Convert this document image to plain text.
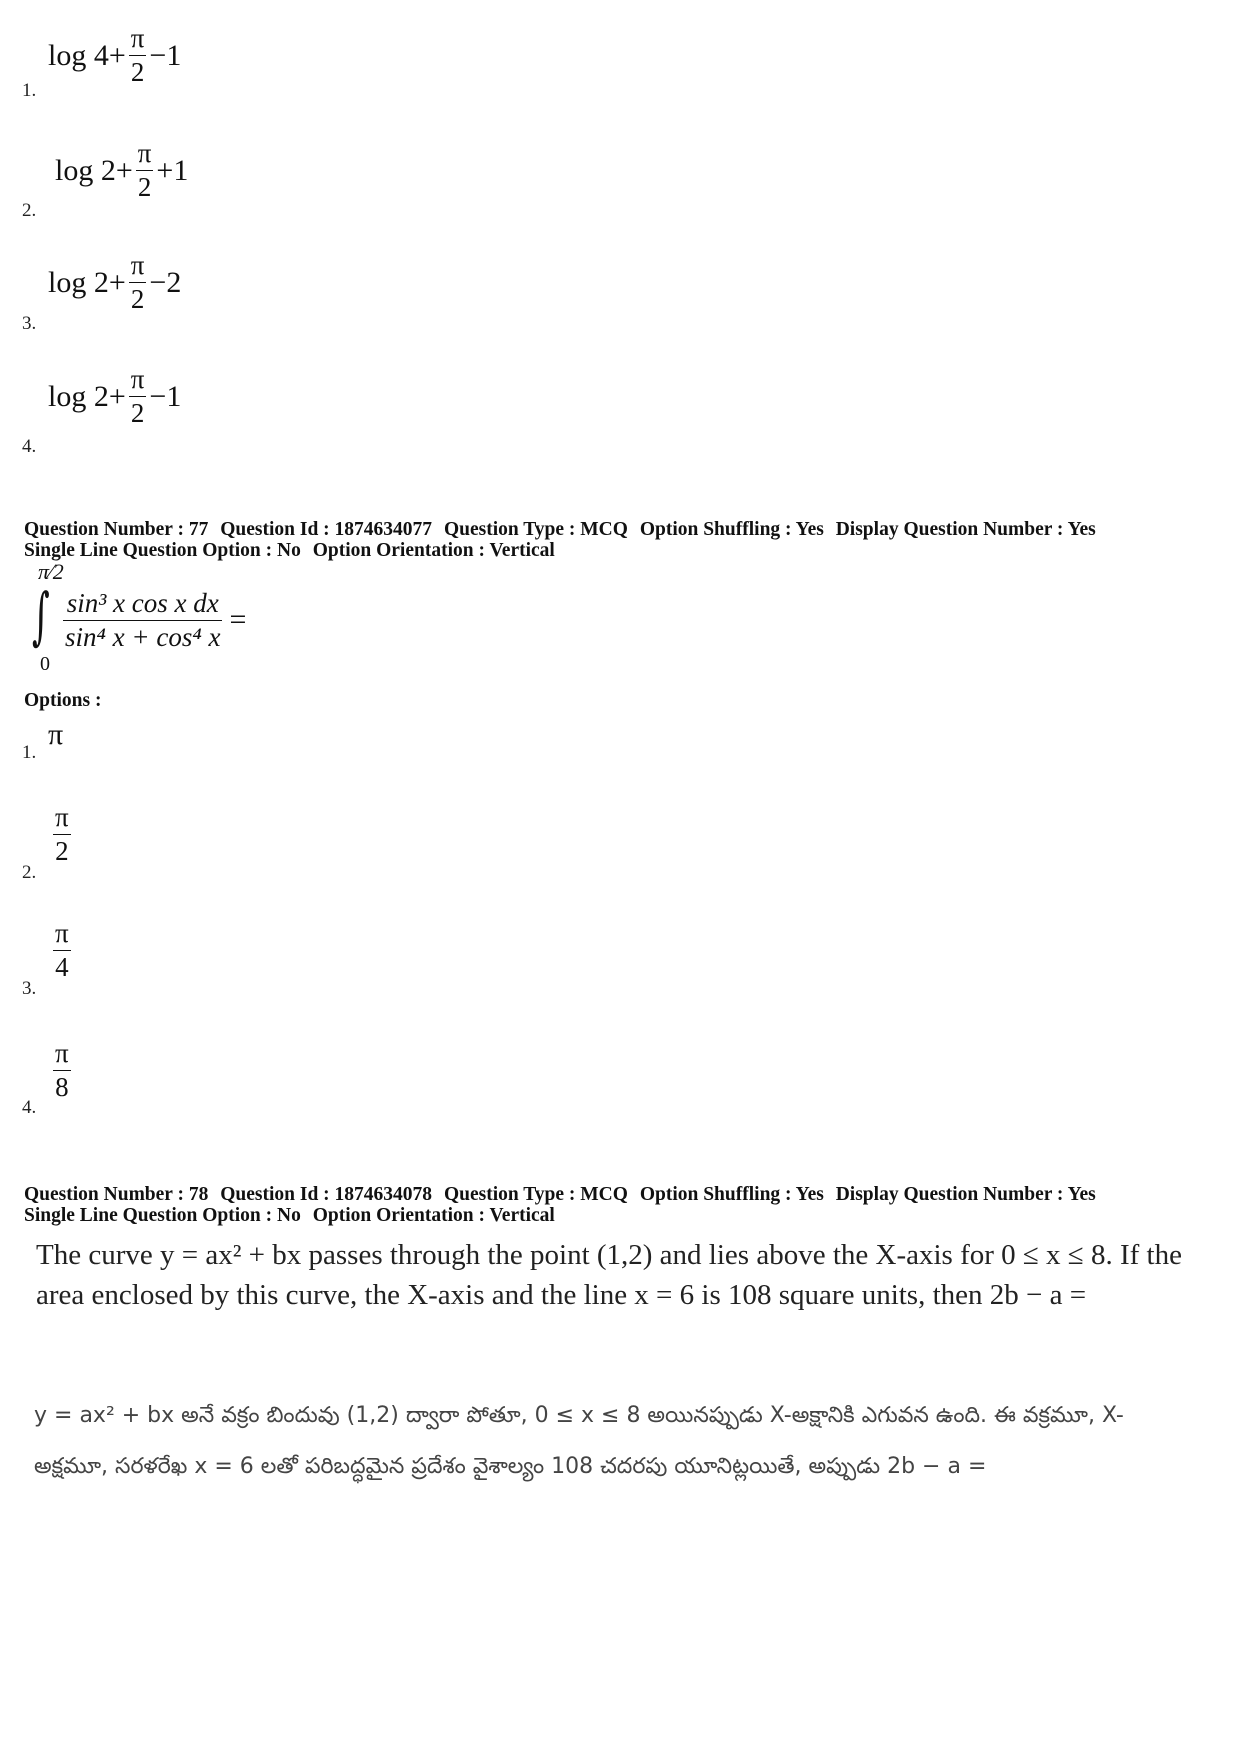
1.
$\log 4+ \frac{\pi}{2} -1$
2.
$\log 2+ \frac{\pi}{2} +1$
3.
$\log 2+ \frac{\pi}{2} -2$
4.
$\log 2+ \frac{\pi}{2} -1$
Question Number : 77 Question Id : 1874634077 Question Type : MCQ Option Shuffling : Yes Display Question Number : Yes
Single Line Question Option : No Option Orientation : Vertical
π⁄2
∫
0
$\frac{\text{sin³ x cos x dx}}{\text{sin⁴ x + cos⁴ x}}$ =
Options :
1.
π
2.
$\frac{\pi}{2}$
3.
$\frac{\pi}{4}$
4.
$\frac{\pi}{8}$
Question Number : 78 Question Id : 1874634078 Question Type : MCQ Option Shuffling : Yes Display Question Number : Yes
Single Line Question Option : No Option Orientation : Vertical
The curve y = ax² + bx passes through the point (1,2) and lies above the X-axis for 0 ≤ x ≤ 8. If the area enclosed by this curve, the X-axis and the line x = 6 is 108 square units, then 2b − a =
y = ax² + bx అనే వక్రం బిందువు (1,2) ద్వారా పోతూ, 0 ≤ x ≤ 8 అయినప్పుడు X-అక్షానికి ఎగువన ఉంది. ఈ వక్రమూ, X-అక్షమూ, సరళరేఖ x = 6 లతో పరిబద్ధమైన ప్రదేశం వైశాల్యం 108 చదరపు యూనిట్లయితే, అప్పుడు 2b − a =
